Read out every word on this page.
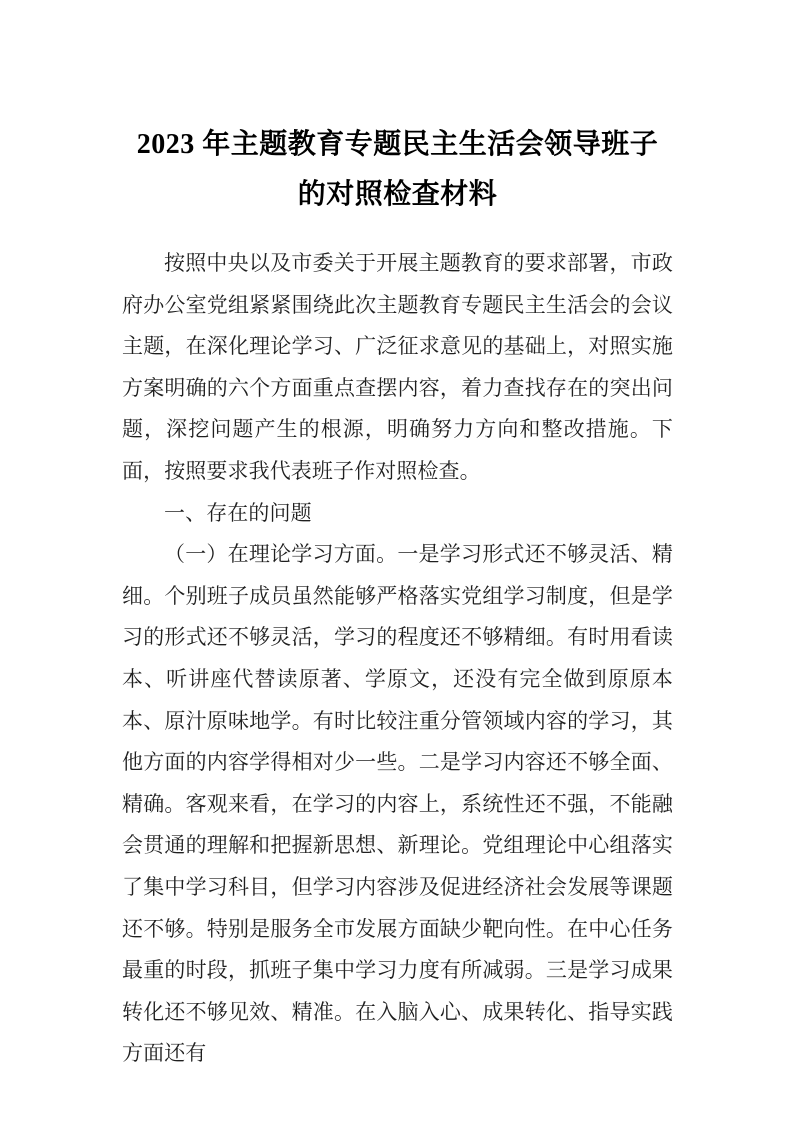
2023 年主题教育专题民主生活会领导班子
的对照检查材料

按照中央以及市委关于开展主题教育的要求部署，市政府办公室党组紧紧围绕此次主题教育专题民主生活会的会议主题，在深化理论学习、广泛征求意见的基础上，对照实施方案明确的六个方面重点查摆内容，着力查找存在的突出问题，深挖问题产生的根源，明确努力方向和整改措施。下面，按照要求我代表班子作对照检查。

一、存在的问题

（一）在理论学习方面。一是学习形式还不够灵活、精细。个别班子成员虽然能够严格落实党组学习制度，但是学习的形式还不够灵活，学习的程度还不够精细。有时用看读本、听讲座代替读原著、学原文，还没有完全做到原原本本、原汁原味地学。有时比较注重分管领域内容的学习，其他方面的内容学得相对少一些。二是学习内容还不够全面、精确。客观来看，在学习的内容上，系统性还不强，不能融会贯通的理解和把握新思想、新理论。党组理论中心组落实了集中学习科目，但学习内容涉及促进经济社会发展等课题还不够。特别是服务全市发展方面缺少靶向性。在中心任务最重的时段，抓班子集中学习力度有所减弱。三是学习成果转化还不够见效、精准。在入脑入心、成果转化、指导实践方面还有
